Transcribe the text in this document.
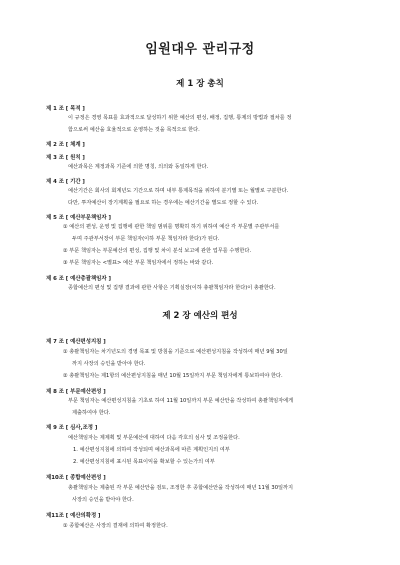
임원대우 관리규정
제 1 장 총칙
제 1 조 [ 목적 ]
이 규정은 경영 목표를 효과적으로 달성하기 위한 예산의 편성, 배정, 집행, 통제의 방법과 절차를 정
함으로써 예산을 효율적으로 운영하는 것을 목적으로 한다.
제 2 조 [ 체계 ]
제 3 조 [ 원칙 ]
예산과목은 계정과목 기준에 의한 명칭, 의의와 동일하게 한다.
제 4 조 [ 기간 ]
예산기간은 회사의 회계년도 기간으로 하며 내부 통제목적을 위하여 분기별 또는 월별로 구분한다.
다만, 투자예산이 장기계획을 필요로 하는 경우에는 예산기간을 별도로 정할 수 있다.
제 5 조 [ 예산부문책임자 ]
① 예산의 편성, 운영 및 집행에 관한 책임 범위를 명확히 하기 위하여 예산 각 부문별 주관부서를
두며 주관부서장이 부문 책임자(이하 부문 책임자라 한다)가 된다.
② 부문 책임자는 부문예산의 편성, 집행 및 차이 분석 보고에 관한 업무를 수행한다.
③ 부문 책임자는 <별표> 예산 부문 책임자에서 정하는 바와 같다.
제 6 조 [ 예산총괄책임자 ]
종합예산의 편성 및 집행 결과에 관한 사항은 기획실장(이하 총괄책임자라 한다)이 총괄한다.
제 2 장 예산의 편성
제 7 조 [ 예산편성지침 ]
① 총괄책임자는 차기년도의 경영 목표 및 방침을 기준으로 예산편성지침을 작성하여 매년 9월 30일
까지 사장의 승인을 받아야 한다.
② 총괄책임자는 제1항의 예산편성지침을 매년 10월 15일까지 부문 책임자에게 통보하여야 한다.
제 8 조 [ 부문예산편성 ]
부문 책임자는 예산편성지침을 기초로 하여 11월 10일까지 부문 예산안을 작성하여 총괄책임자에게
제출하여야 한다.
제 9 조 [ 심사,조정 ]
예산책임자는 제제획 및 부문예산에 대하여 다음 각호의 심사 및 조정을한다.
1. 예산편성지침에 의하여 작성되며 예산과목에 따른 계획인지의 여부
2. 예산편성지침에 표시된 목표이익을 확보할 수 있는가의 여부
제10조 [ 종합예산편성 ]
총괄책임자는 제출된 각 부문 예산안을 검토, 조정한 후 종합예산안을 작성하여 매년 11월 30일까지
사장의 승인을 받아야 한다.
제11조 [ 예산의확정 ]
① 종합예산은 사장의 결재에 의하여 확정한다.
